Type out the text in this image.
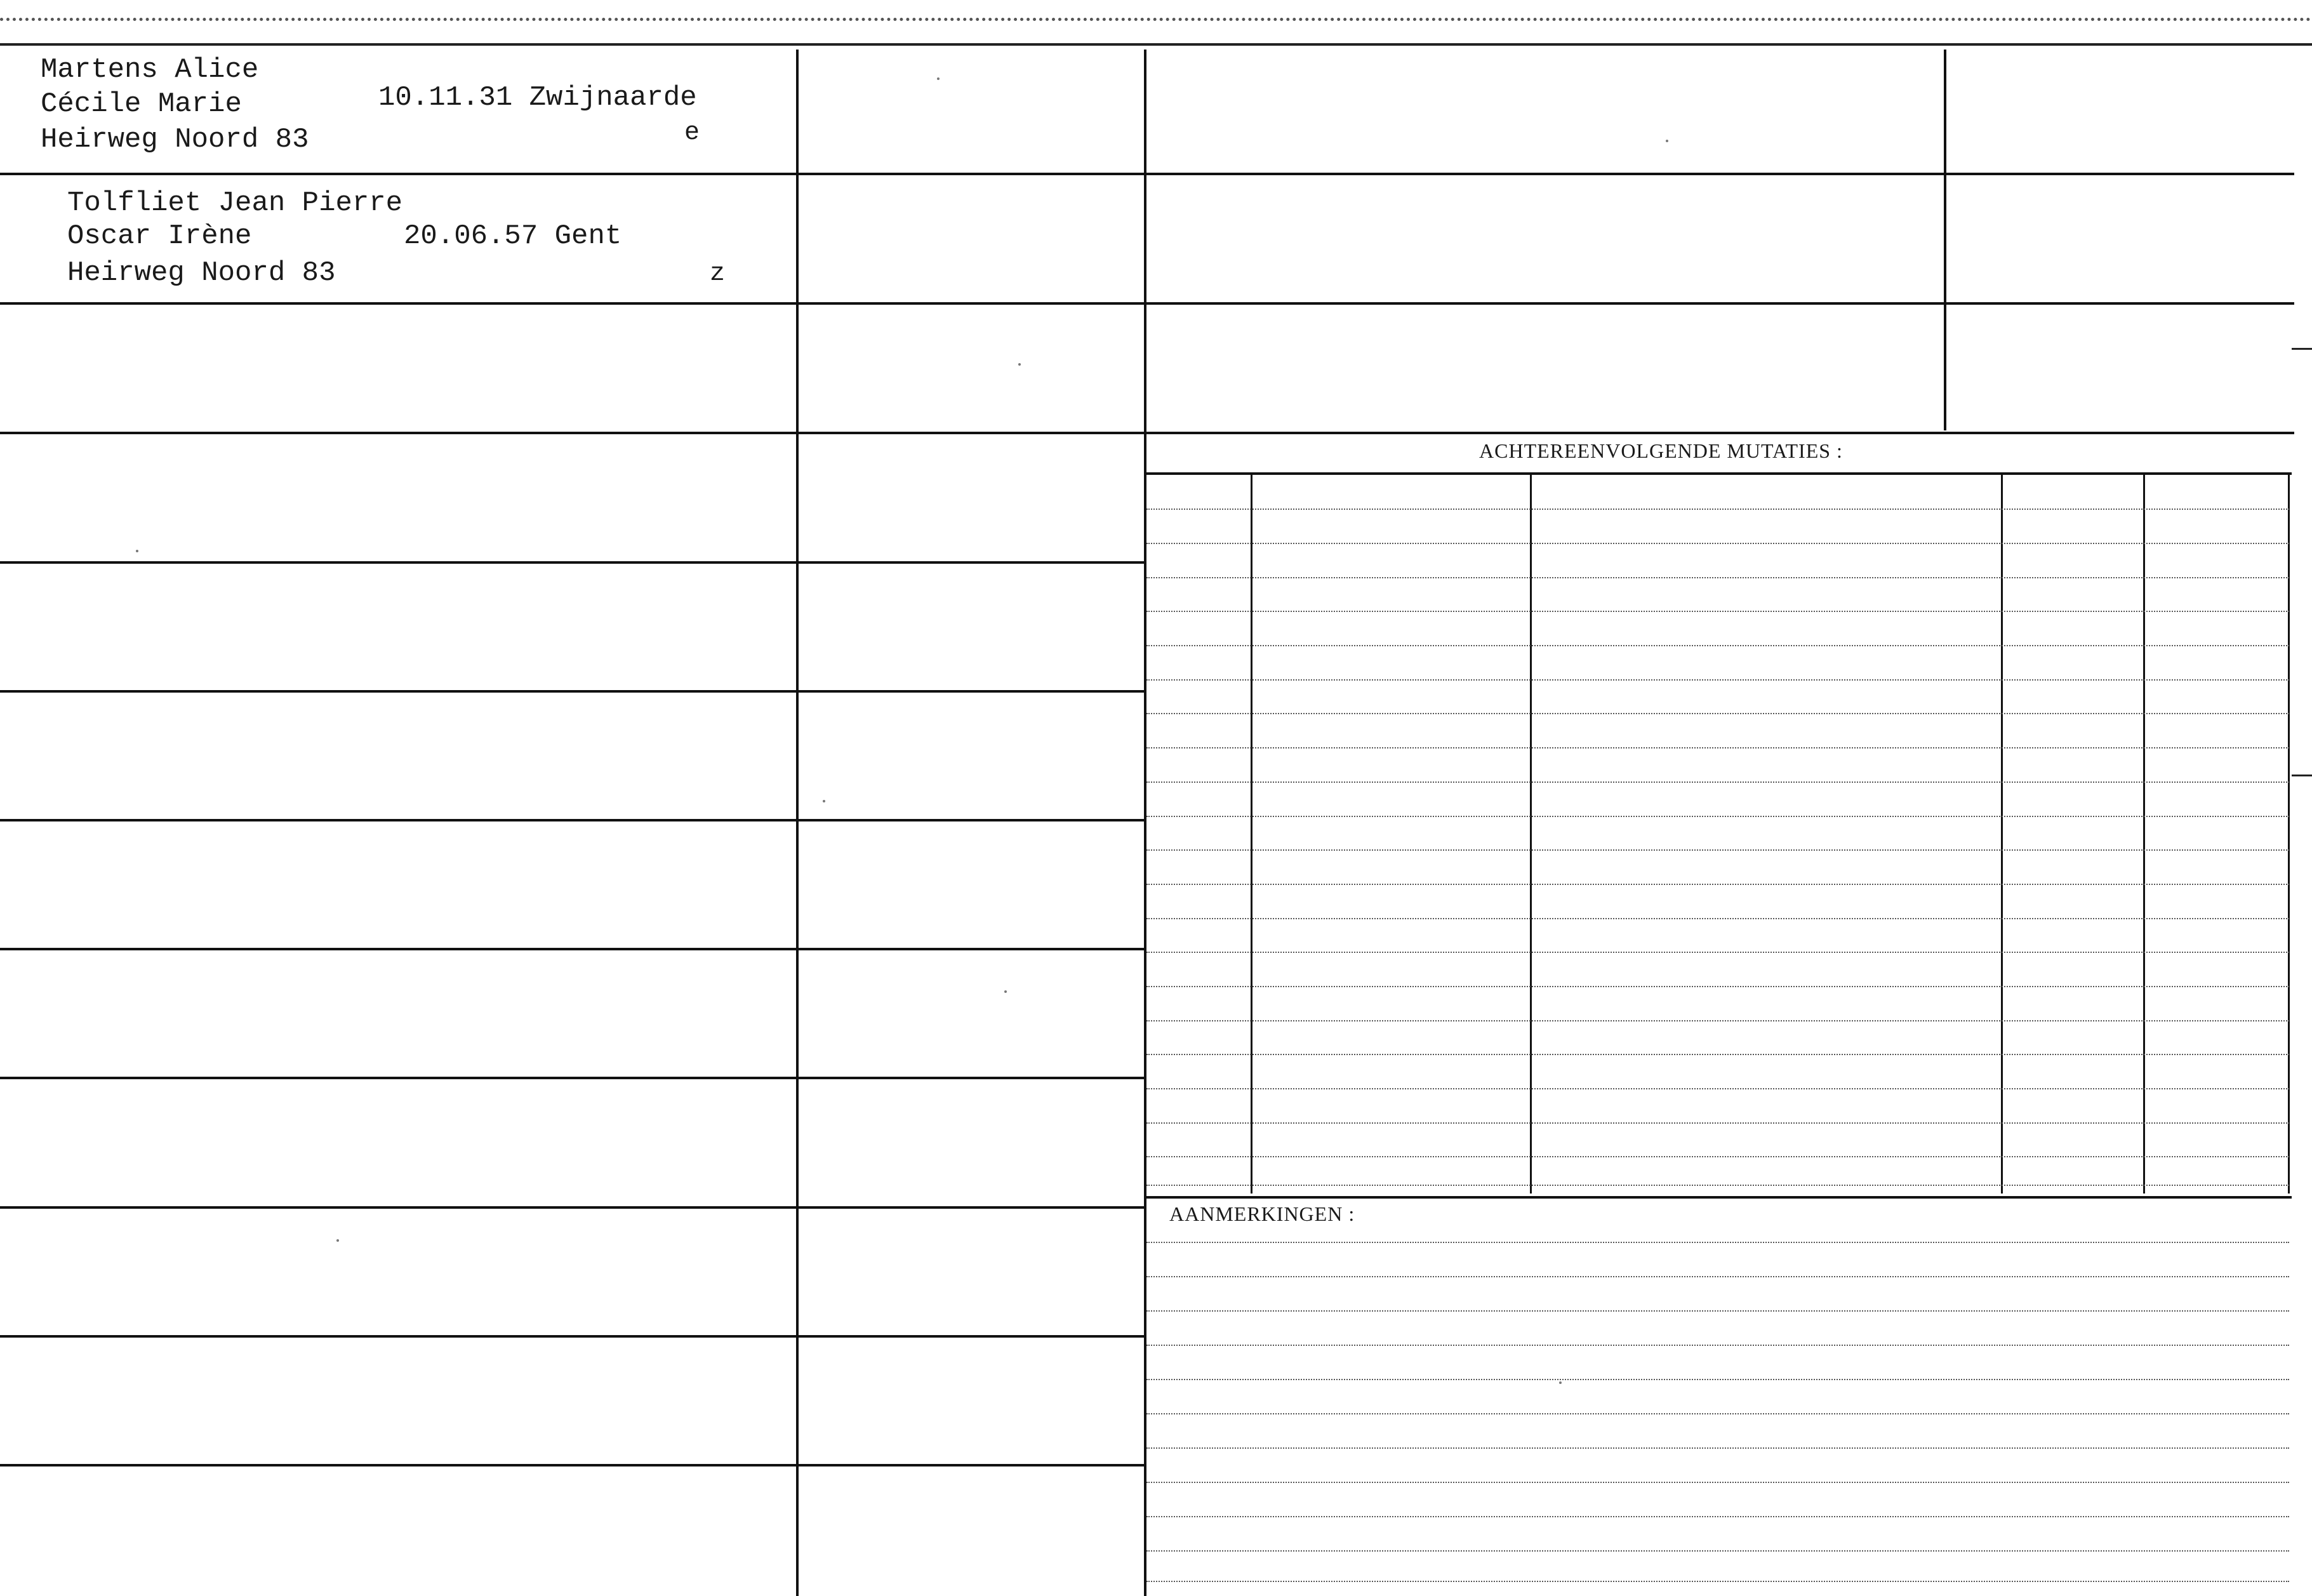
Martens Alice
Cécile Marie
Heirweg Noord 83
10.11.31 Zwijnaarde
e
Tolfliet Jean Pierre
Oscar Irène
Heirweg Noord 83
20.06.57 Gent
z
ACHTEREENVOLGENDE MUTATIES :
AANMERKINGEN :
